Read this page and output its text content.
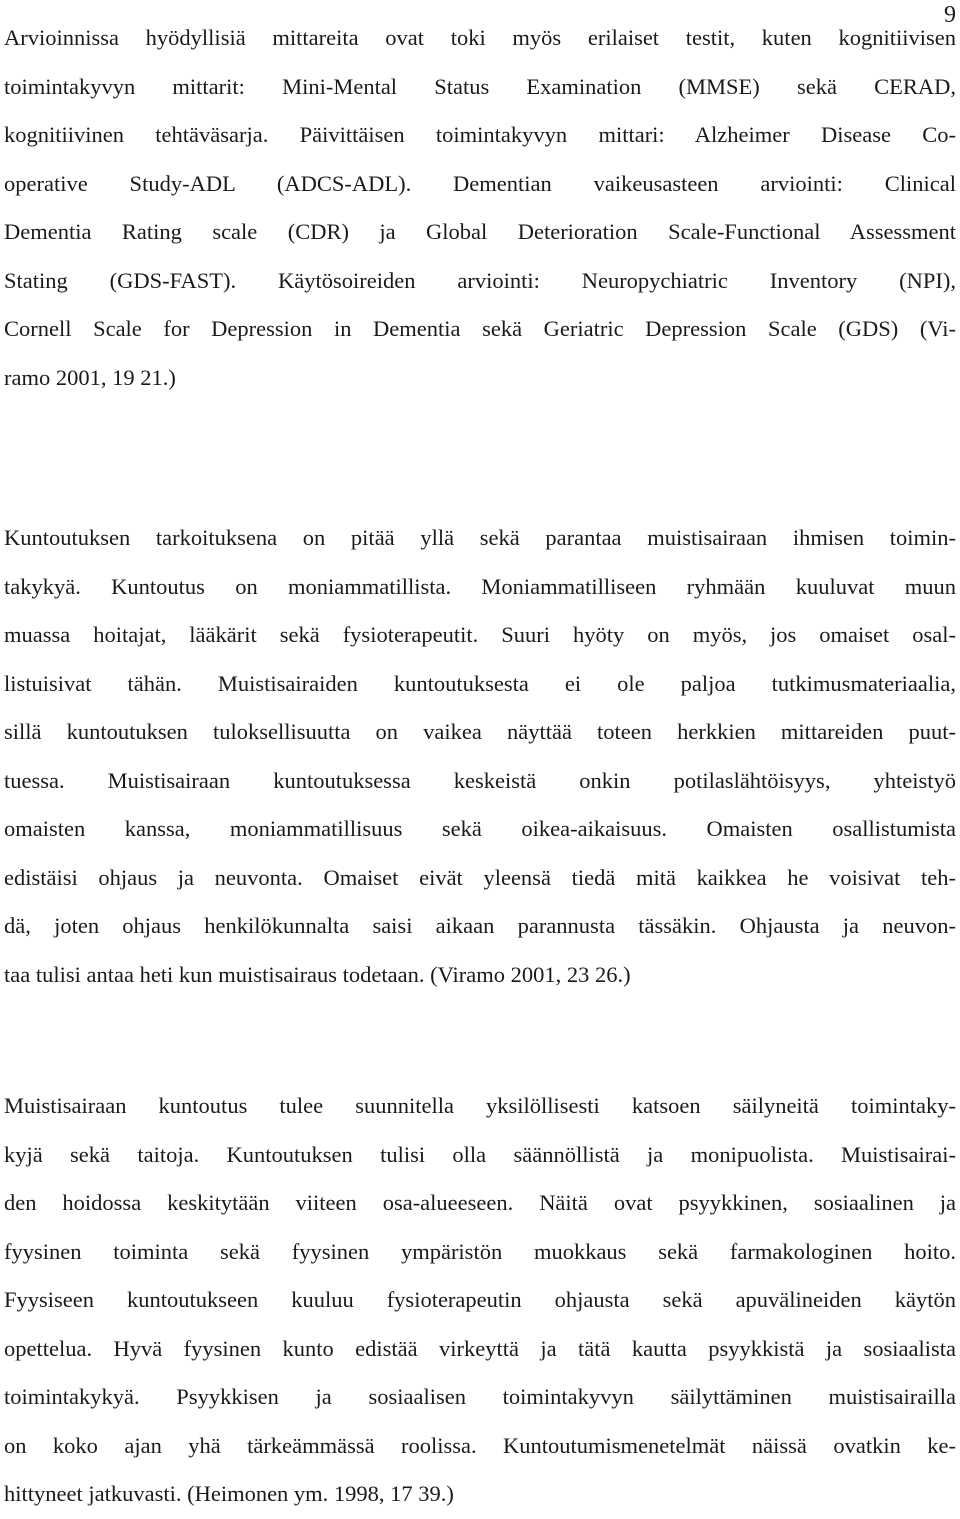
9
Arvioinnissa hyödyllisiä mittareita ovat toki myös erilaiset testit, kuten kognitiivisen
toimintakyvyn mittarit: Mini-Mental Status Examination (MMSE) sekä CERAD,
kognitiivinen tehtäväsarja. Päivittäisen toimintakyvyn mittari: Alzheimer Disease Co-
operative Study-ADL (ADCS-ADL). Dementian vaikeusasteen arviointi: Clinical
Dementia Rating scale (CDR) ja Global Deterioration Scale-Functional Assessment
Stating (GDS-FAST). Käytösoireiden arviointi: Neuropychiatric Inventory (NPI),
Cornell Scale for Depression in Dementia sekä Geriatric Depression Scale (GDS) (Vi-
ramo 2001, 19 21.)
Kuntoutuksen tarkoituksena on pitää yllä sekä parantaa muistisairaan ihmisen toimin-
takykyä. Kuntoutus on moniammatillista. Moniammatilliseen ryhmään kuuluvat muun
muassa hoitajat, lääkärit sekä fysioterapeutit. Suuri hyöty on myös, jos omaiset osal-
listuisivat tähän. Muistisairaiden kuntoutuksesta ei ole paljoa tutkimusmateriaalia,
sillä kuntoutuksen tuloksellisuutta on vaikea näyttää toteen herkkien mittareiden puut-
tuessa. Muistisairaan kuntoutuksessa keskeistä onkin potilaslähtöisyys, yhteistyö
omaisten kanssa, moniammatillisuus sekä oikea-aikaisuus. Omaisten osallistumista
edistäisi ohjaus ja neuvonta. Omaiset eivät yleensä tiedä mitä kaikkea he voisivat teh-
dä, joten ohjaus henkilökunnalta saisi aikaan parannusta tässäkin. Ohjausta ja neuvon-
taa tulisi antaa heti kun muistisairaus todetaan. (Viramo 2001, 23 26.)
Muistisairaan kuntoutus tulee suunnitella yksilöllisesti katsoen säilyneitä toimintaky-
kyjä sekä taitoja. Kuntoutuksen tulisi olla säännöllistä ja monipuolista. Muistisairai-
den hoidossa keskitytään viiteen osa-alueeseen. Näitä ovat psyykkinen, sosiaalinen ja
fyysinen toiminta sekä fyysinen ympäristön muokkaus sekä farmakologinen hoito.
Fyysiseen kuntoutukseen kuuluu fysioterapeutin ohjausta sekä apuvälineiden käytön
opettelua. Hyvä fyysinen kunto edistää virkeyttä ja tätä kautta psyykkistä ja sosiaalista
toimintakykyä. Psyykkisen ja sosiaalisen toimintakyvyn säilyttäminen muistisairailla
on koko ajan yhä tärkeämmässä roolissa. Kuntoutumismenetelmät näissä ovatkin ke-
hittyneet jatkuvasti. (Heimonen ym. 1998, 17 39.)
